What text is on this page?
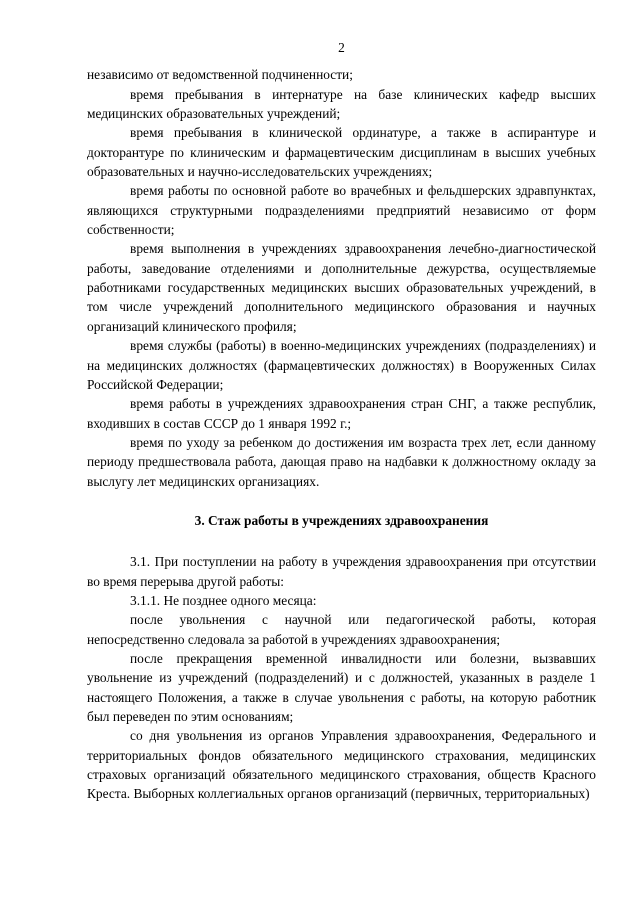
2

независимо от ведомственной подчиненности;

время пребывания в интернатуре на базе клинических кафедр высших медицинских образовательных учреждений;

время пребывания в клинической ординатуре, а также в аспирантуре и докторантуре по клиническим и фармацевтическим дисциплинам в высших учебных образовательных и научно-исследовательских учреждениях;

время работы по основной работе во врачебных и фельдшерских здравпунктах, являющихся структурными подразделениями предприятий независимо от форм собственности;

время выполнения в учреждениях здравоохранения лечебно-диагностической работы, заведование отделениями и дополнительные дежурства, осуществляемые работниками государственных медицинских высших образовательных учреждений, в том числе учреждений дополнительного медицинского образования и научных организаций клинического профиля;

время службы (работы) в военно-медицинских учреждениях (подразделениях) и на медицинских должностях (фармацевтических должностях) в Вооруженных Силах Российской Федерации;

время работы в учреждениях здравоохранения стран СНГ, а также республик, входивших в состав СССР до 1 января 1992 г.;

время по уходу за ребенком до достижения им возраста трех лет, если данному периоду предшествовала работа, дающая право на надбавки к должностному окладу за выслугу лет медицинских организациях.

3. Стаж работы в учреждениях здравоохранения

3.1. При поступлении на работу в учреждения здравоохранения при отсутствии во время перерыва другой работы:

3.1.1. Не позднее одного месяца:

после увольнения с научной или педагогической работы, которая непосредственно следовала за работой в учреждениях здравоохранения;

после прекращения временной инвалидности или болезни, вызвавших увольнение из учреждений (подразделений) и с должностей, указанных в разделе 1 настоящего Положения, а также в случае увольнения с работы, на которую работник был переведен по этим основаниям;

со дня увольнения из органов Управления здравоохранения, Федерального и территориальных фондов обязательного медицинского страхования, медицинских страховых организаций обязательного медицинского страхования, обществ Красного Креста. Выборных коллегиальных органов организаций (первичных, территориальных)
